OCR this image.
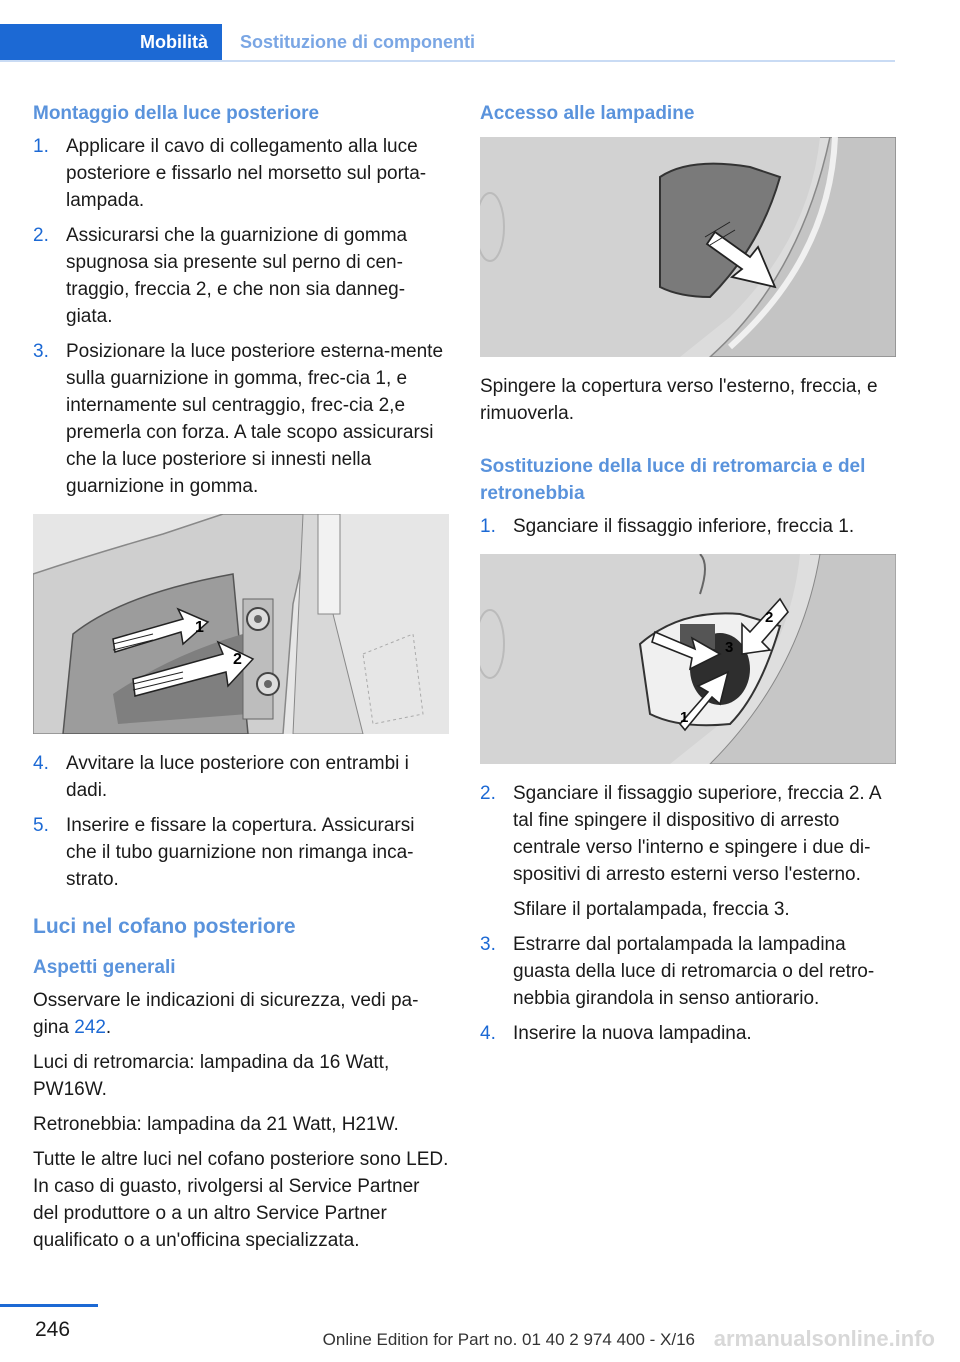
Mobilità	Sostituzione di componenti
Montaggio della luce posteriore
1. Applicare il cavo di collegamento alla luce posteriore e fissarlo nel morsetto sul porta-lampada.
2. Assicurarsi che la guarnizione di gomma spugnosa sia presente sul perno di cen-traggio, freccia 2, e che non sia danneg-giata.
3. Posizionare la luce posteriore esterna-mente sulla guarnizione in gomma, frec-cia 1, e internamente sul centraggio, frec-cia 2,e premerla con forza. A tale scopo assicurarsi che la luce posteriore si innesti nella guarnizione in gomma.
1
2
4. Avvitare la luce posteriore con entrambi i dadi.
5. Inserire e fissare la copertura. Assicurarsi che il tubo guarnizione non rimanga inca-strato.
Luci nel cofano posteriore
Aspetti generali

Osservare le indicazioni di sicurezza, vedi pa-gina 242.

Luci di retromarcia: lampadina da 16 Watt, PW16W.

Retronebbia: lampadina da 21 Watt, H21W.

Tutte le altre luci nel cofano posteriore sono LED. In caso di guasto, rivolgersi al Service Partner del produttore o a un altro Service Partner qualificato o a un'officina specializzata.

Accesso alle lampadine

Spingere la copertura verso l'esterno, freccia, e rimuoverla.

Sostituzione della luce di retromarcia e del retronebbia
1. Sganciare il fissaggio inferiore, freccia 1.
1
2
3
2. Sganciare il fissaggio superiore, freccia 2. A tal fine spingere il dispositivo di arresto centrale verso l'interno e spingere i due di-spositivi di arresto esterni verso l'esterno.
Sfilare il portalampada, freccia 3.
3. Estrarre dal portalampada la lampadina guasta della luce di retromarcia o del retro-nebbia girandola in senso antiorario.
4. Inserire la nuova lampadina.
246	Online Edition for Part no. 01 40 2 974 400 - X/16 armanualsonline.info
